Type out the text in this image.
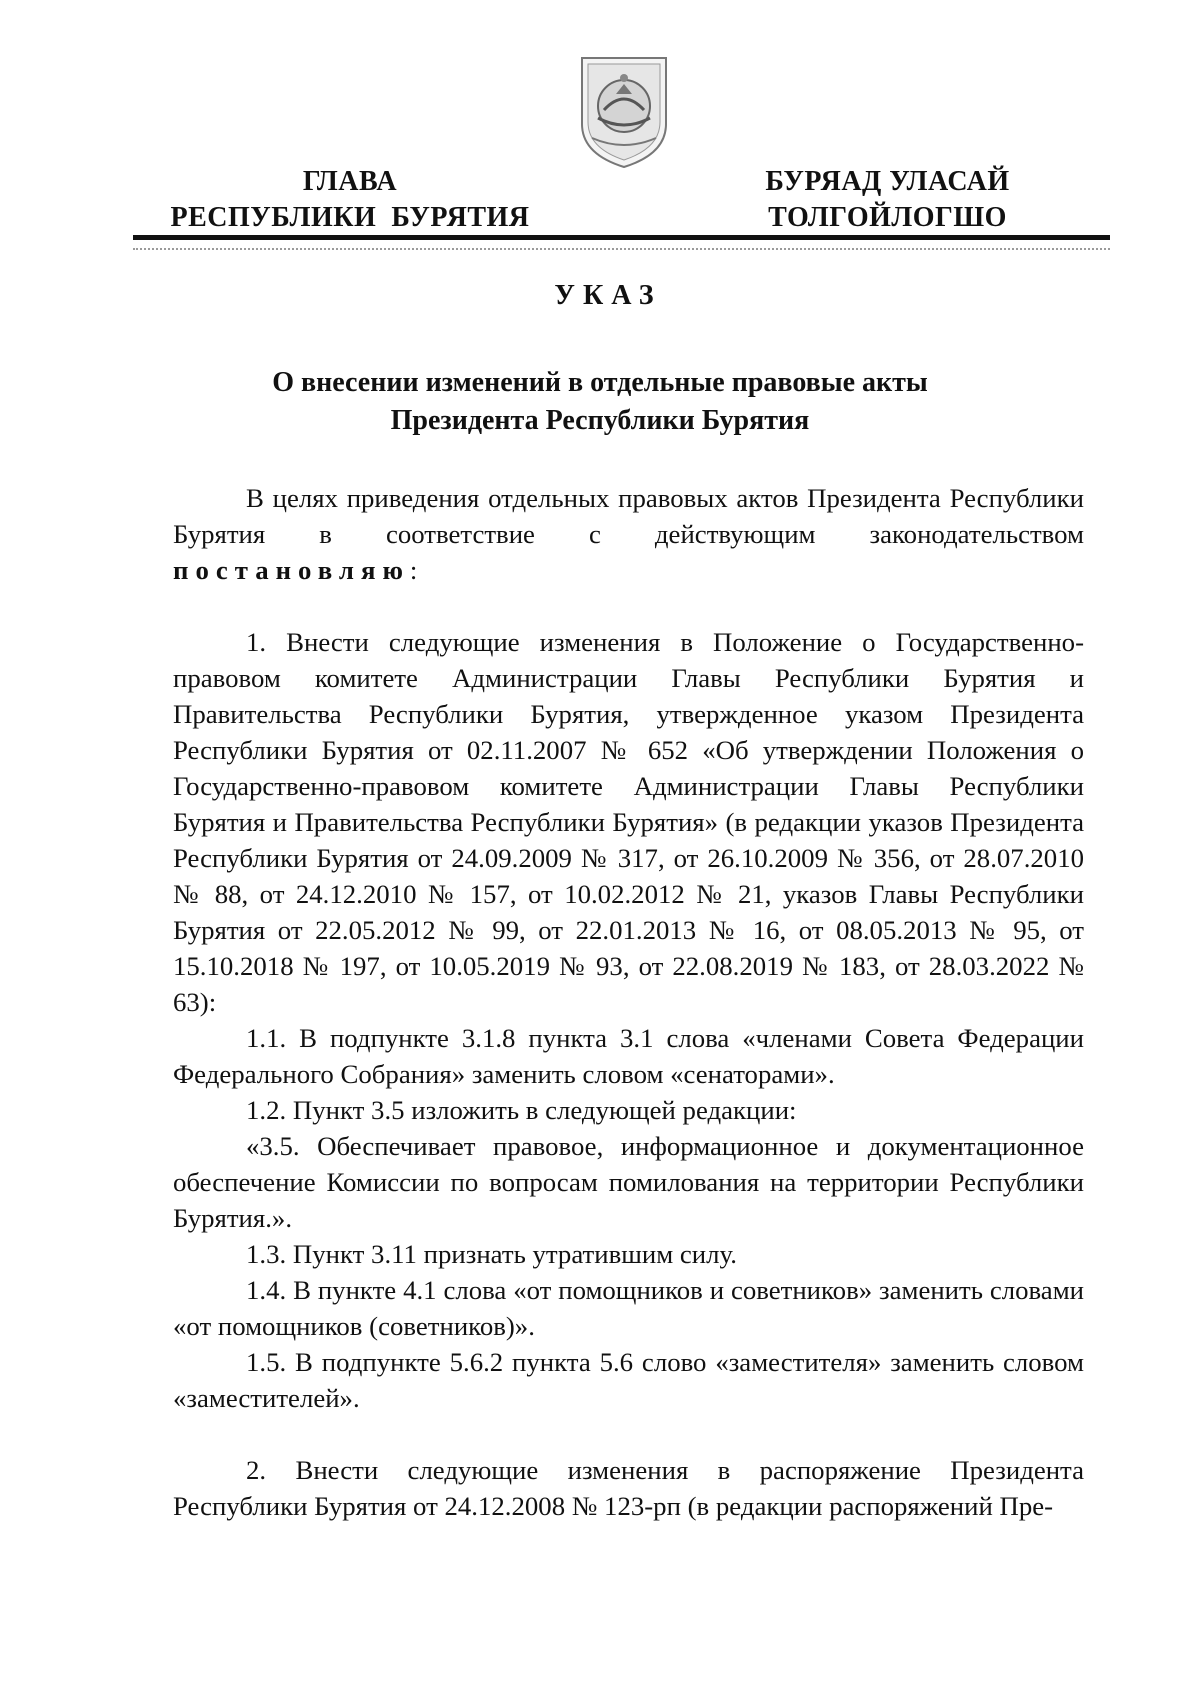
ГЛАВА
РЕСПУБЛИКИ  БУРЯТИЯ
БУРЯАД УЛАСАЙ
ТОЛГОЙЛОГШО
УКАЗ
О внесении изменений в отдельные правовые акты
Президента Республики Бурятия

В целях приведения отдельных правовых актов Президента Республики Бурятия в соответствие с действующим законодательством постановляю:

1. Внести следующие изменения в Положение о Государственно-правовом комитете Администрации Главы Республики Бурятия и Правительства Республики Бурятия, утвержденное указом Президента Республики Бурятия от 02.11.2007 № 652 «Об утверждении Положения о Государственно-правовом комитете Администрации Главы Республики Бурятия и Правительства Республики Бурятия» (в редакции указов Президента Республики Бурятия от 24.09.2009 № 317, от 26.10.2009 № 356, от 28.07.2010 № 88, от 24.12.2010 № 157, от 10.02.2012 № 21, указов Главы Республики Бурятия от 22.05.2012 № 99, от 22.01.2013 № 16, от 08.05.2013 № 95, от 15.10.2018 № 197, от 10.05.2019 № 93, от 22.08.2019 № 183, от 28.03.2022 № 63):

1.1. В подпункте 3.1.8 пункта 3.1 слова «членами Совета Федерации Федерального Собрания» заменить словом «сенаторами».

1.2. Пункт 3.5 изложить в следующей редакции:

«3.5. Обеспечивает правовое, информационное и документационное обеспечение Комиссии по вопросам помилования на территории Республики Бурятия.».

1.3. Пункт 3.11 признать утратившим силу.

1.4. В пункте 4.1 слова «от помощников и советников» заменить словами «от помощников (советников)».

1.5. В подпункте 5.6.2 пункта 5.6 слово «заместителя» заменить словом «заместителей».

2. Внести следующие изменения в распоряжение Президента Республики Бурятия от 24.12.2008 № 123-рп (в редакции распоряжений Пре-
